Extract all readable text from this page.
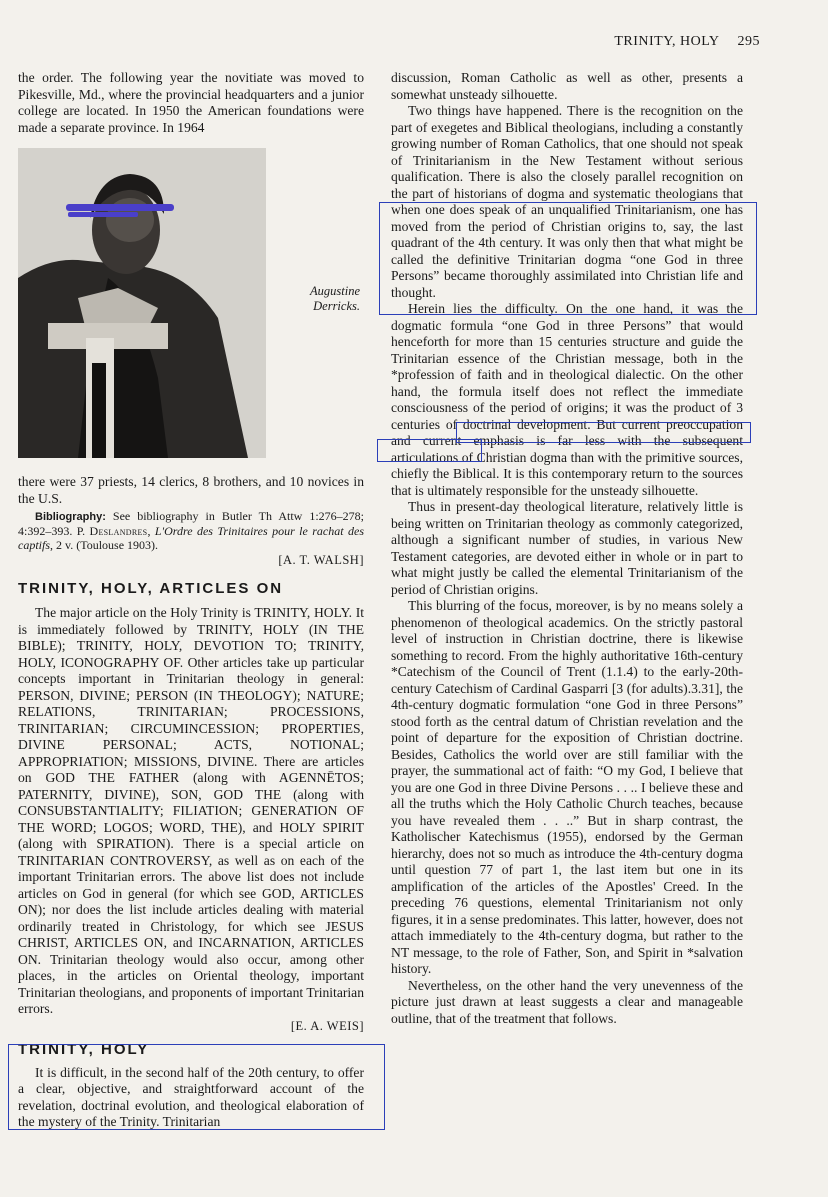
TRINITY, HOLY 295

the order. The following year the novitiate was moved to Pikesville, Md., where the provincial headquarters and a junior college are located. In 1950 the American foundations were made a separate province. In 1964

Augustine Derricks.

there were 37 priests, 14 clerics, 8 brothers, and 10 novices in the U.S.

Bibliography: See bibliography in Butler Th Attw 1:276–278; 4:392–393. P. Deslandres, L'Ordre des Trinitaires pour le rachat des captifs, 2 v. (Toulouse 1903).

[A. T. WALSH]

TRINITY, HOLY, ARTICLES ON

The major article on the Holy Trinity is TRINITY, HOLY. It is immediately followed by TRINITY, HOLY (IN THE BIBLE); TRINITY, HOLY, DEVOTION TO; TRINITY, HOLY, ICONOGRAPHY OF. Other articles take up particular concepts important in Trinitarian theology in general: PERSON, DIVINE; PERSON (IN THEOLOGY); NATURE; RELATIONS, TRINITARIAN; PROCESSIONS, TRINITARIAN; CIRCUMINCESSION; PROPERTIES, DIVINE PERSONAL; ACTS, NOTIONAL; APPROPRIATION; MISSIONS, DIVINE. There are articles on GOD THE FATHER (along with AGENNĒTOS; PATERNITY, DIVINE), SON, GOD THE (along with CONSUBSTANTIALITY; FILIATION; GENERATION OF THE WORD; LOGOS; WORD, THE), and HOLY SPIRIT (along with SPIRATION). There is a special article on TRINITARIAN CONTROVERSY, as well as on each of the important Trinitarian errors. The above list does not include articles on God in general (for which see GOD, ARTICLES ON); nor does the list include articles dealing with material ordinarily treated in Christology, for which see JESUS CHRIST, ARTICLES ON, and INCARNATION, ARTICLES ON. Trinitarian theology would also occur, among other places, in the articles on Oriental theology, important Trinitarian theologians, and proponents of important Trinitarian errors.

[E. A. WEIS]

TRINITY, HOLY

It is difficult, in the second half of the 20th century, to offer a clear, objective, and straightforward account of the revelation, doctrinal evolution, and theological elaboration of the mystery of the Trinity. Trinitarian

discussion, Roman Catholic as well as other, presents a somewhat unsteady silhouette.

Two things have happened. There is the recognition on the part of exegetes and Biblical theologians, including a constantly growing number of Roman Catholics, that one should not speak of Trinitarianism in the New Testament without serious qualification. There is also the closely parallel recognition on the part of historians of dogma and systematic theologians that when one does speak of an unqualified Trinitarianism, one has moved from the period of Christian origins to, say, the last quadrant of the 4th century. It was only then that what might be called the definitive Trinitarian dogma “one God in three Persons” became thoroughly assimilated into Christian life and thought.

Herein lies the difficulty. On the one hand, it was the dogmatic formula “one God in three Persons” that would henceforth for more than 15 centuries structure and guide the Trinitarian essence of the Christian message, both in the *profession of faith and in theological dialectic. On the other hand, the formula itself does not reflect the immediate consciousness of the period of origins; it was the product of 3 centuries of doctrinal development. But current preoccupation and current emphasis is far less with the subsequent articulations of Christian dogma than with the primitive sources, chiefly the Biblical. It is this contemporary return to the sources that is ultimately responsible for the unsteady silhouette.

Thus in present-day theological literature, relatively little is being written on Trinitarian theology as commonly categorized, although a significant number of studies, in various New Testament categories, are devoted either in whole or in part to what might justly be called the elemental Trinitarianism of the period of Christian origins.

This blurring of the focus, moreover, is by no means solely a phenomenon of theological academics. On the strictly pastoral level of instruction in Christian doctrine, there is likewise something to record. From the highly authoritative 16th-century *Catechism of the Council of Trent (1.1.4) to the early-20th-century Catechism of Cardinal Gasparri [3 (for adults).3.31], the 4th-century dogmatic formulation “one God in three Persons” stood forth as the central datum of Christian revelation and the point of departure for the exposition of Christian doctrine. Besides, Catholics the world over are still familiar with the prayer, the summational act of faith: “O my God, I believe that you are one God in three Divine Persons . . .. I believe these and all the truths which the Holy Catholic Church teaches, because you have revealed them . . ..” But in sharp contrast, the Katholischer Katechismus (1955), endorsed by the German hierarchy, does not so much as introduce the 4th-century dogma until question 77 of part 1, the last item but one in its amplification of the articles of the Apostles' Creed. In the preceding 76 questions, elemental Trinitarianism not only figures, it in a sense predominates. This latter, however, does not attach immediately to the 4th-century dogma, but rather to the NT message, to the role of Father, Son, and Spirit in *salvation history.

Nevertheless, on the other hand the very unevenness of the picture just drawn at least suggests a clear and manageable outline, that of the treatment that follows.
